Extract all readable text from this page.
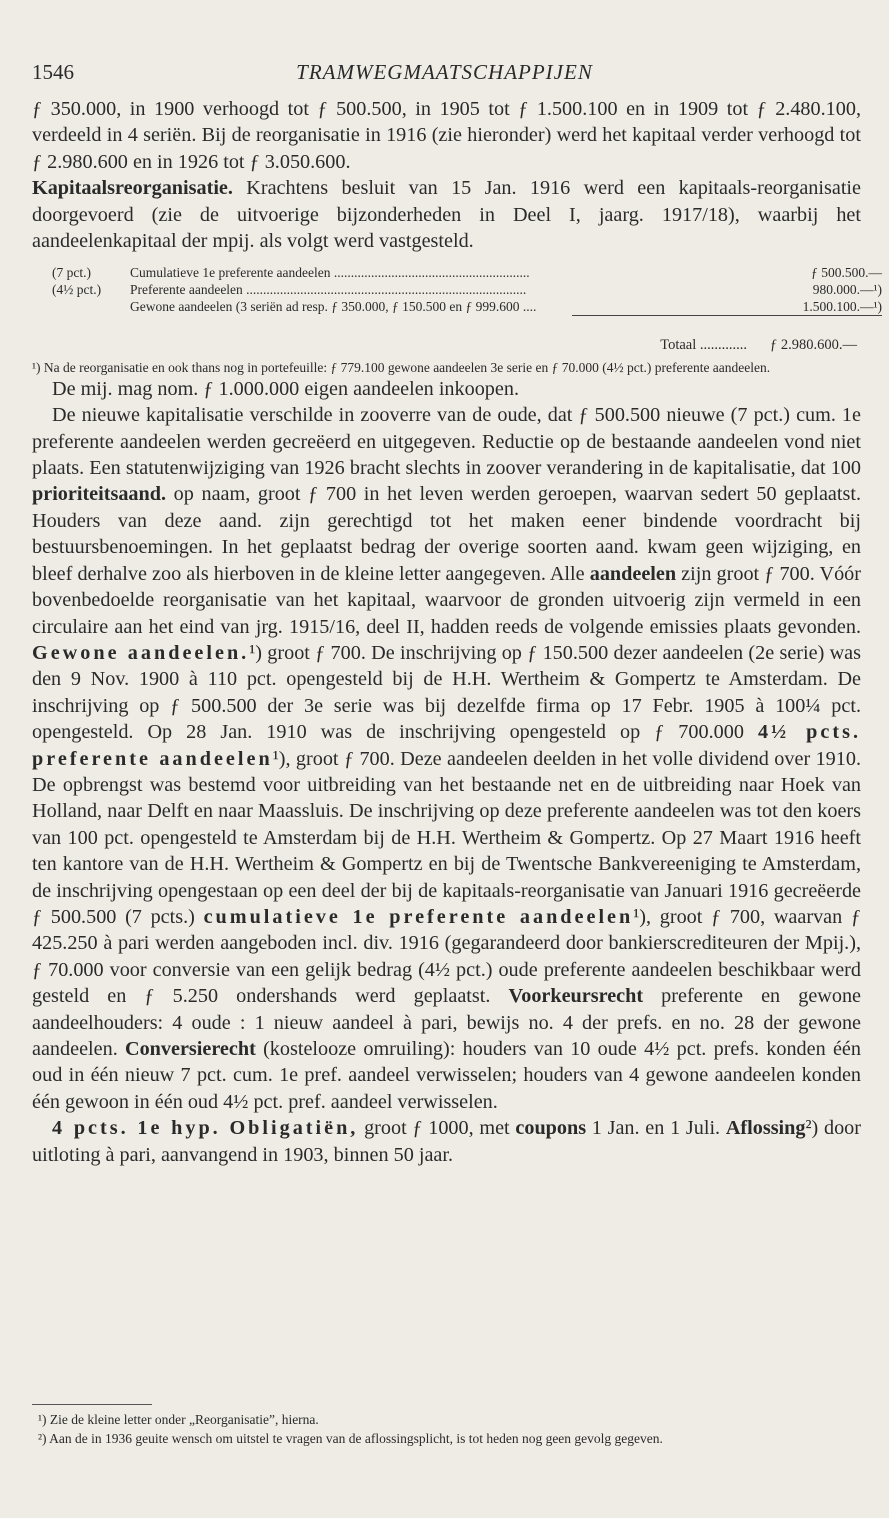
1546	TRAMWEGMAATSCHAPPIJEN

ƒ 350.000, in 1900 verhoogd tot ƒ 500.500, in 1905 tot ƒ 1.500.100 en in 1909 tot ƒ 2.480.100, verdeeld in 4 seriën. Bij de reorganisatie in 1916 (zie hieronder) werd het kapitaal verder verhoogd tot ƒ 2.980.600 en in 1926 tot ƒ 3.050.600.

Kapitaalsreorganisatie. Krachtens besluit van 15 Jan. 1916 werd een kapitaals-reorganisatie doorgevoerd (zie de uitvoerige bijzonderheden in Deel I, jaarg. 1917/18), waarbij het aandeelenkapitaal der mpij. als volgt werd vastgesteld.

(7 pct.)	Cumulatieve 1e preferente aandeelen ..........................................................	ƒ 500.500.—
(4½ pct.)	Preferente aandeelen ...................................................................................	980.000.—¹)
Gewone aandeelen (3 seriën ad resp. ƒ 350.000, ƒ 150.500 en ƒ 999.600 ....	1.500.100.—¹)
Totaal .............	ƒ 2.980.600.—

¹) Na de reorganisatie en ook thans nog in portefeuille: ƒ 779.100 gewone aandeelen 3e serie en ƒ 70.000 (4½ pct.) preferente aandeelen.

De mij. mag nom. ƒ 1.000.000 eigen aandeelen inkoopen.

De nieuwe kapitalisatie verschilde in zooverre van de oude, dat ƒ 500.500 nieuwe (7 pct.) cum. 1e preferente aandeelen werden gecreëerd en uitgegeven. Reductie op de bestaande aandeelen vond niet plaats. Een statutenwijziging van 1926 bracht slechts in zoover verandering in de kapitalisatie, dat 100 prioriteitsaand. op naam, groot ƒ 700 in het leven werden geroepen, waarvan sedert 50 geplaatst. Houders van deze aand. zijn gerechtigd tot het maken eener bindende voordracht bij bestuursbenoemingen. In het geplaatst bedrag der overige soorten aand. kwam geen wijziging, en bleef derhalve zoo als hierboven in de kleine letter aangegeven. Alle aandeelen zijn groot ƒ 700. Vóór bovenbedoelde reorganisatie van het kapitaal, waarvoor de gronden uitvoerig zijn vermeld in een circulaire aan het eind van jrg. 1915/16, deel II, hadden reeds de volgende emissies plaats gevonden. Gewone aandeelen.¹) groot ƒ 700. De inschrijving op ƒ 150.500 dezer aandeelen (2e serie) was den 9 Nov. 1900 à 110 pct. opengesteld bij de H.H. Wertheim & Gompertz te Amsterdam. De inschrijving op ƒ 500.500 der 3e serie was bij dezelfde firma op 17 Febr. 1905 à 100¼ pct. opengesteld. Op 28 Jan. 1910 was de inschrijving opengesteld op ƒ 700.000 4½ pcts. preferente aandeelen¹), groot ƒ 700. Deze aandeelen deelden in het volle dividend over 1910. De opbrengst was bestemd voor uitbreiding van het bestaande net en de uitbreiding naar Hoek van Holland, naar Delft en naar Maassluis. De inschrijving op deze preferente aandeelen was tot den koers van 100 pct. opengesteld te Amsterdam bij de H.H. Wertheim & Gompertz. Op 27 Maart 1916 heeft ten kantore van de H.H. Wertheim & Gompertz en bij de Twentsche Bankvereeniging te Amsterdam, de inschrijving opengestaan op een deel der bij de kapitaals-reorganisatie van Januari 1916 gecreëerde ƒ 500.500 (7 pcts.) cumulatieve 1e preferente aandeelen¹), groot ƒ 700, waarvan ƒ 425.250 à pari werden aangeboden incl. div. 1916 (gegarandeerd door bankierscrediteuren der Mpij.), ƒ 70.000 voor conversie van een gelijk bedrag (4½ pct.) oude preferente aandeelen beschikbaar werd gesteld en ƒ 5.250 ondershands werd geplaatst. Voorkeursrecht preferente en gewone aandeelhouders: 4 oude : 1 nieuw aandeel à pari, bewijs no. 4 der prefs. en no. 28 der gewone aandeelen. Conversierecht (kostelooze omruiling): houders van 10 oude 4½ pct. prefs. konden één oud in één nieuw 7 pct. cum. 1e pref. aandeel verwisselen; houders van 4 gewone aandeelen konden één gewoon in één oud 4½ pct. pref. aandeel verwisselen.

4 pcts. 1e hyp. Obligatiën, groot ƒ 1000, met coupons 1 Jan. en 1 Juli. Aflossing²) door uitloting à pari, aanvangend in 1903, binnen 50 jaar.

¹) Zie de kleine letter onder „Reorganisatie”, hierna.

²) Aan de in 1936 geuite wensch om uitstel te vragen van de aflossingsplicht, is tot heden nog geen gevolg gegeven.
